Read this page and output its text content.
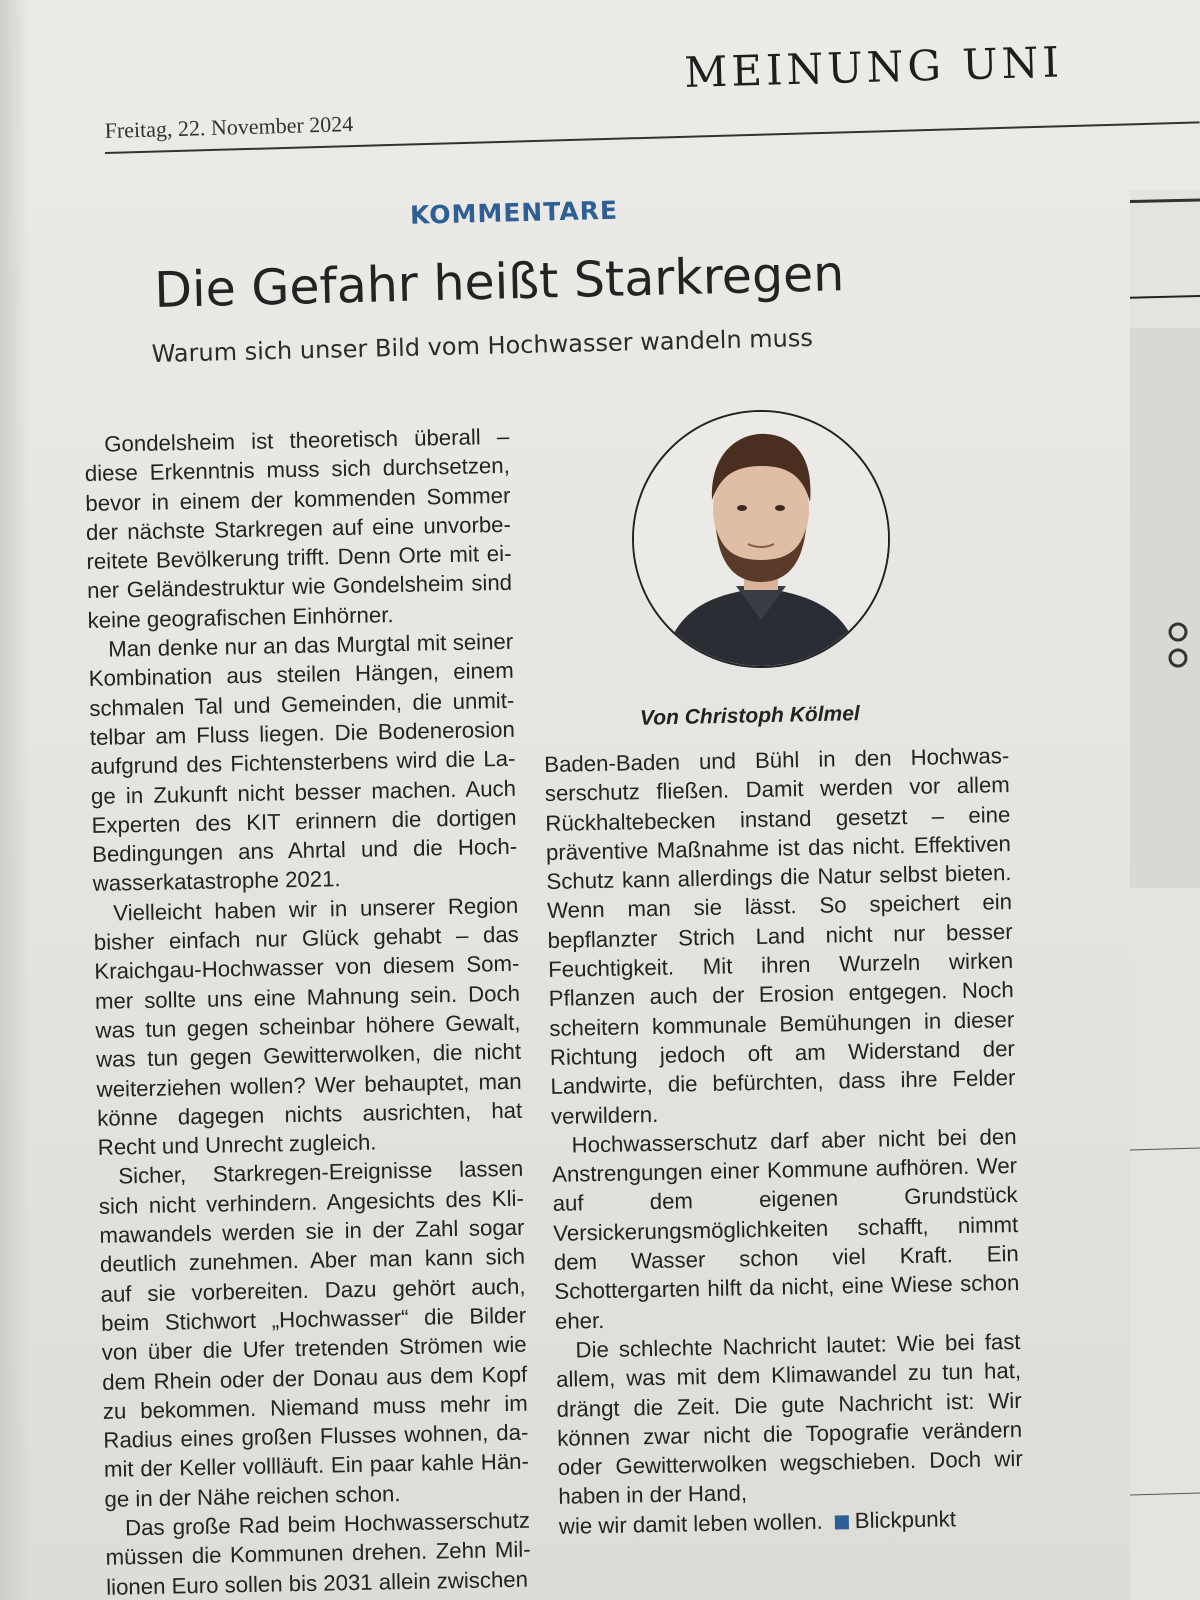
Freitag, 22. November 2024
MEINUNG UNI
KOMMENTARE
Die Gefahr heißt Starkregen
Warum sich unser Bild vom Hochwasser wandeln muss

Gondelsheim ist theoretisch überall – diese Erkenntnis muss sich durchsetzen, bevor in einem der kommenden Sommer der nächste Starkregen auf eine unvorbereitete Bevölkerung trifft. Denn Orte mit einer Geländestruktur wie Gondelsheim sind keine geografischen Einhörner.

Man denke nur an das Murgtal mit seiner Kombination aus steilen Hängen, einem schmalen Tal und Gemeinden, die unmittelbar am Fluss liegen. Die Bodenerosion aufgrund des Fichtensterbens wird die Lage in Zukunft nicht besser machen. Auch Experten des KIT erinnern die dortigen Bedingungen ans Ahrtal und die Hochwasserkatastrophe 2021.

Vielleicht haben wir in unserer Region bisher einfach nur Glück gehabt – das Kraichgau-Hochwasser von diesem Sommer sollte uns eine Mahnung sein. Doch was tun gegen scheinbar höhere Gewalt, was tun gegen Gewitterwolken, die nicht weiterziehen wollen? Wer behauptet, man könne dagegen nichts ausrichten, hat Recht und Unrecht zugleich.

Sicher, Starkregen-Ereignisse lassen sich nicht verhindern. Angesichts des Klimawandels werden sie in der Zahl sogar deutlich zunehmen. Aber man kann sich auf sie vorbereiten. Dazu gehört auch, beim Stichwort „Hochwasser“ die Bilder von über die Ufer tretenden Strömen wie dem Rhein oder der Donau aus dem Kopf zu bekommen. Niemand muss mehr im Radius eines großen Flusses wohnen, damit der Keller vollläuft. Ein paar kahle Hänge in der Nähe reichen schon.

Das große Rad beim Hochwasserschutz müssen die Kommunen drehen. Zehn Millionen Euro sollen bis 2031 allein zwischen

Von Christoph Kölmel

Baden-Baden und Bühl in den Hochwasserschutz fließen. Damit werden vor allem Rückhaltebecken instand gesetzt – eine präventive Maßnahme ist das nicht. Effektiven Schutz kann allerdings die Natur selbst bieten. Wenn man sie lässt. So speichert ein bepflanzter Strich Land nicht nur besser Feuchtigkeit. Mit ihren Wurzeln wirken Pflanzen auch der Erosion entgegen. Noch scheitern kommunale Bemühungen in dieser Richtung jedoch oft am Widerstand der Landwirte, die befürchten, dass ihre Felder verwildern.

Hochwasserschutz darf aber nicht bei den Anstrengungen einer Kommune aufhören. Wer auf dem eigenen Grundstück Versickerungsmöglichkeiten schafft, nimmt dem Wasser schon viel Kraft. Ein Schottergarten hilft da nicht, eine Wiese schon eher.

Die schlechte Nachricht lautet: Wie bei fast allem, was mit dem Klimawandel zu tun hat, drängt die Zeit. Die gute Nachricht ist: Wir können zwar nicht die Topografie verändern oder Gewitterwolken wegschieben. Doch wir haben in der Hand,

wie wir damit leben wollen. Blickpunkt
